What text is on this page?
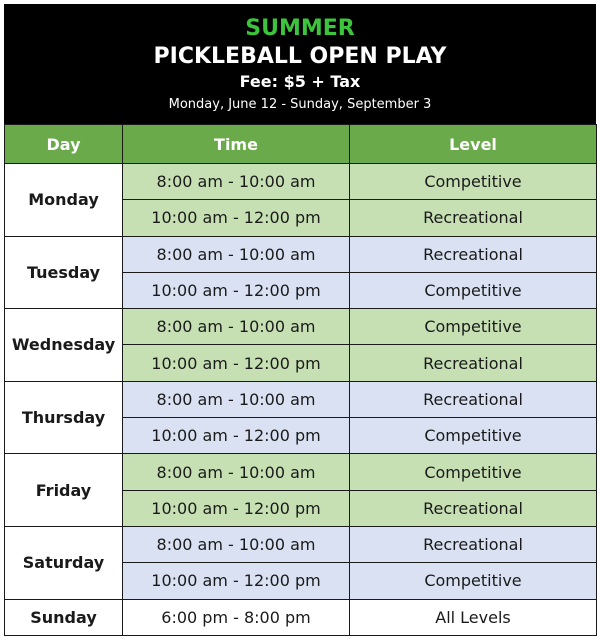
SUMMER
PICKLEBALL OPEN PLAY
Fee: $5 + Tax
Monday, June 12 - Sunday, September 3
Day	Time	Level
Monday	8:00 am - 10:00 am	Competitive
	10:00 am - 12:00 pm	Recreational
Tuesday	8:00 am - 10:00 am	Recreational
	10:00 am - 12:00 pm	Competitive
Wednesday	8:00 am - 10:00 am	Competitive
	10:00 am - 12:00 pm	Recreational
Thursday	8:00 am - 10:00 am	Recreational
	10:00 am - 12:00 pm	Competitive
Friday	8:00 am - 10:00 am	Competitive
	10:00 am - 12:00 pm	Recreational
Saturday	8:00 am - 10:00 am	Recreational
	10:00 am - 12:00 pm	Competitive
Sunday	6:00 pm - 8:00 pm	All Levels
